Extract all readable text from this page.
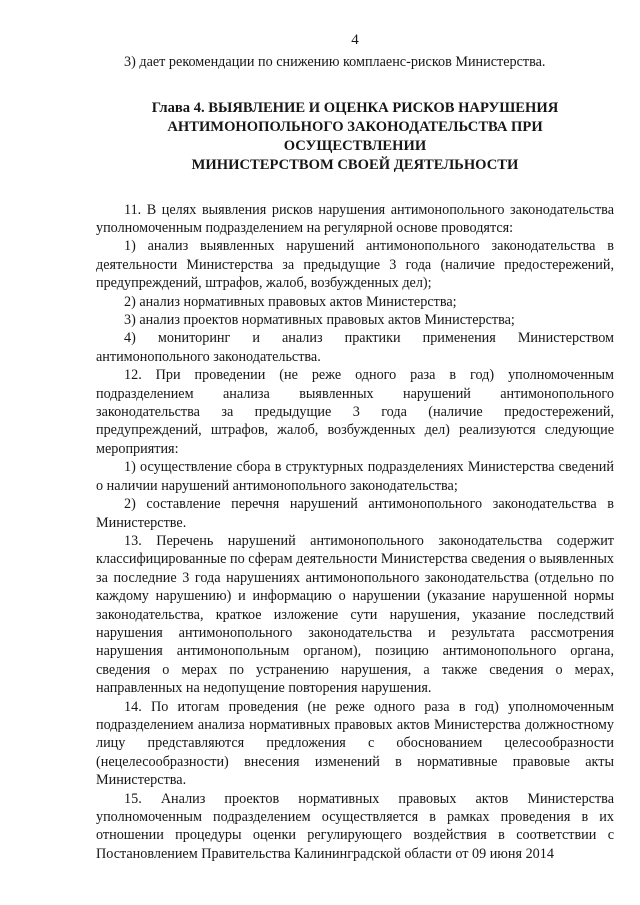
4
3) дает рекомендации по снижению комплаенс-рисков Министерства.
Глава 4. ВЫЯВЛЕНИЕ И ОЦЕНКА РИСКОВ НАРУШЕНИЯ
АНТИМОНОПОЛЬНОГО ЗАКОНОДАТЕЛЬСТВА ПРИ
ОСУЩЕСТВЛЕНИИ
МИНИСТЕРСТВОМ СВОЕЙ ДЕЯТЕЛЬНОСТИ

11. В целях выявления рисков нарушения антимонопольного законодательства уполномоченным подразделением на регулярной основе проводятся:

1) анализ выявленных нарушений антимонопольного законодательства в деятельности Министерства за предыдущие 3 года (наличие предостережений, предупреждений, штрафов, жалоб, возбужденных дел);

2) анализ нормативных правовых актов Министерства;

3) анализ проектов нормативных правовых актов Министерства;

4) мониторинг и анализ практики применения Министерством антимонопольного законодательства.

12. При проведении (не реже одного раза в год) уполномоченным подразделением анализа выявленных нарушений антимонопольного законодательства за предыдущие 3 года (наличие предостережений, предупреждений, штрафов, жалоб, возбужденных дел) реализуются следующие мероприятия:

1) осуществление сбора в структурных подразделениях Министерства сведений о наличии нарушений антимонопольного законодательства;

2) составление перечня нарушений антимонопольного законодательства в Министерстве.

13. Перечень нарушений антимонопольного законодательства содержит классифицированные по сферам деятельности Министерства сведения о выявленных за последние 3 года нарушениях антимонопольного законодательства (отдельно по каждому нарушению) и информацию о нарушении (указание нарушенной нормы законодательства, краткое изложение сути нарушения, указание последствий нарушения антимонопольного законодательства и результата рассмотрения нарушения антимонопольным органом), позицию антимонопольного органа, сведения о мерах по устранению нарушения, а также сведения о мерах, направленных на недопущение повторения нарушения.

14. По итогам проведения (не реже одного раза в год) уполномоченным подразделением анализа нормативных правовых актов Министерства должностному лицу представляются предложения с обоснованием целесообразности (нецелесообразности) внесения изменений в нормативные правовые акты Министерства.

15. Анализ проектов нормативных правовых актов Министерства уполномоченным подразделением осуществляется в рамках проведения в их отношении процедуры оценки регулирующего воздействия в соответствии с Постановлением Правительства Калининградской области от 09 июня 2014
